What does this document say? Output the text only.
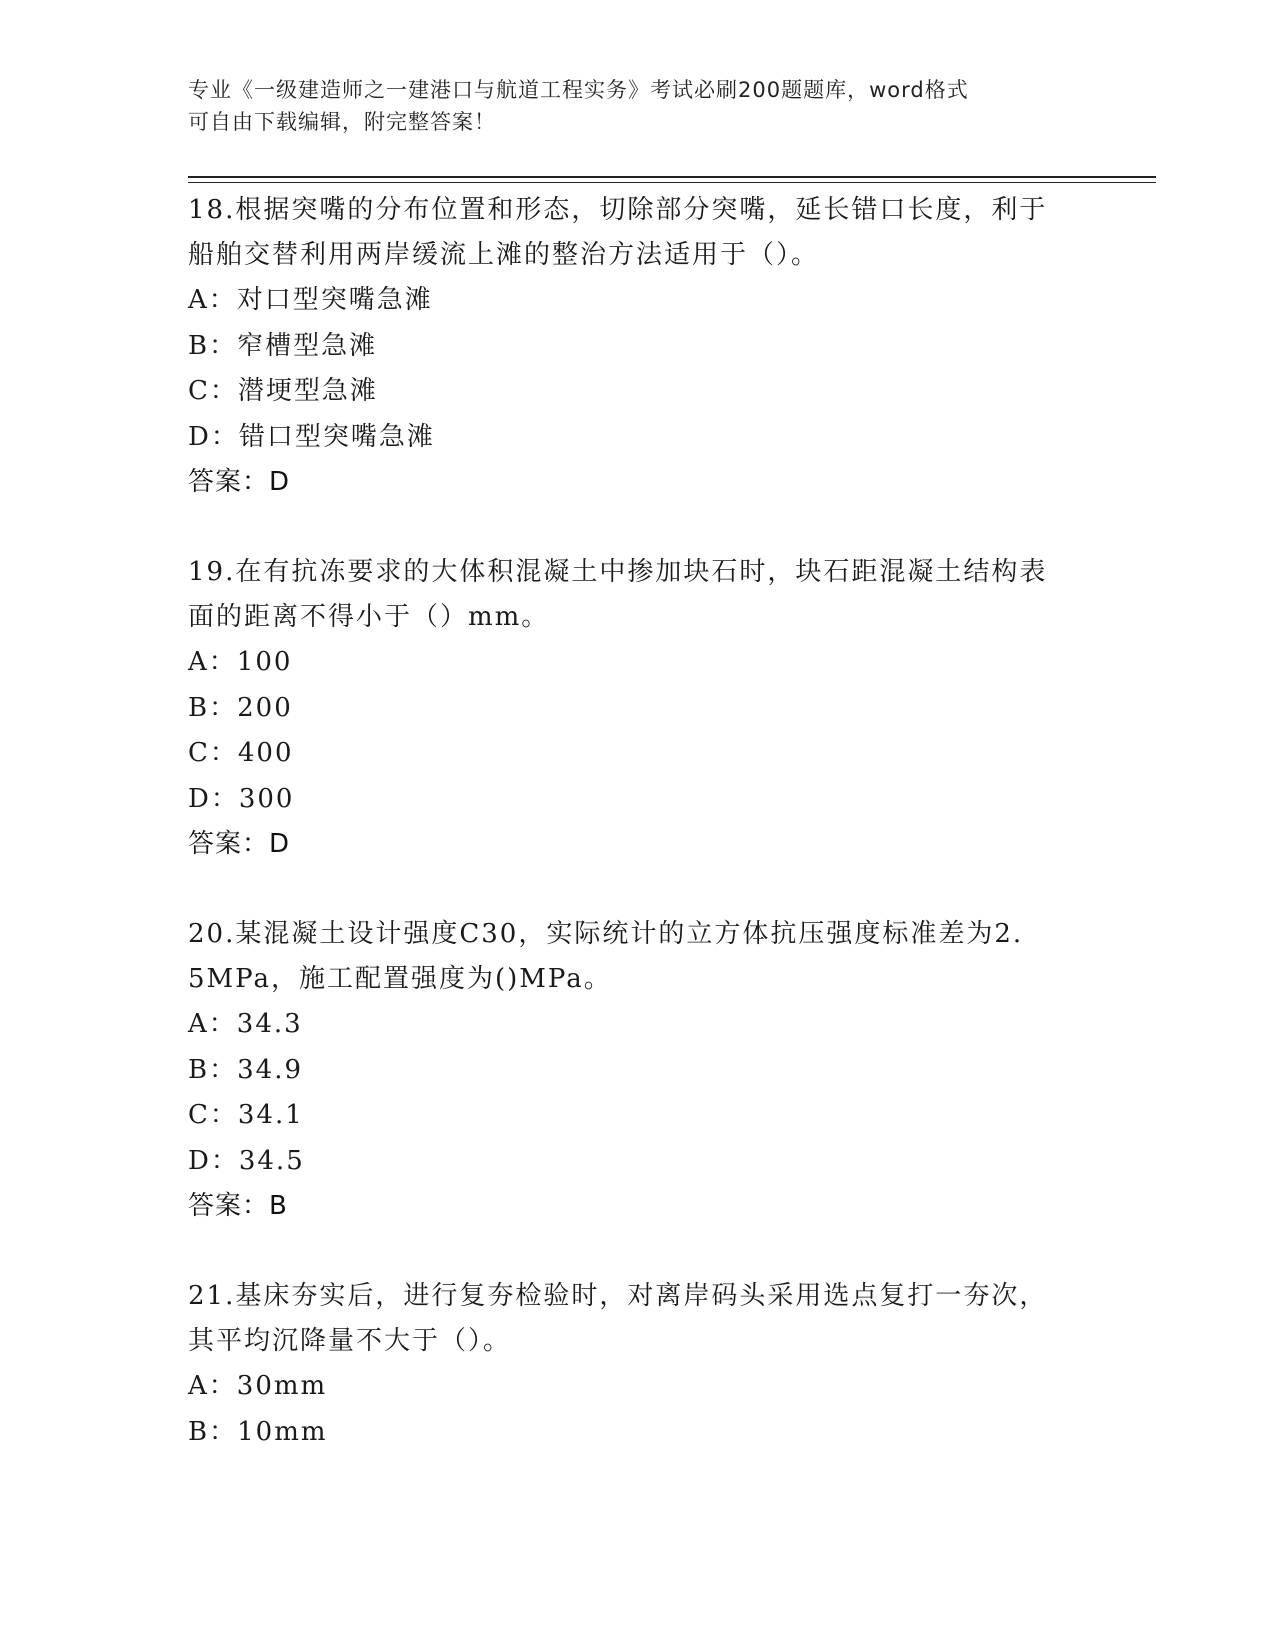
专业《一级建造师之一建港口与航道工程实务》考试必刷200题题库，word格式
可自由下载编辑，附完整答案！
18.根据突嘴的分布位置和形态，切除部分突嘴，延长错口长度，利于
船舶交替利用两岸缓流上滩的整治方法适用于（）。
A：对口型突嘴急滩
B：窄槽型急滩
C：潜埂型急滩
D：错口型突嘴急滩
答案：D
19.在有抗冻要求的大体积混凝土中掺加块石时，块石距混凝土结构表
面的距离不得小于（）mm。
A：100
B：200
C：400
D：300
答案：D
20.某混凝土设计强度C30，实际统计的立方体抗压强度标准差为2.
5MPa，施工配置强度为()MPa。
A：34.3
B：34.9
C：34.1
D：34.5
答案：B
21.基床夯实后，进行复夯检验时，对离岸码头采用选点复打一夯次，
其平均沉降量不大于（）。
A：30mm
B：10mm
